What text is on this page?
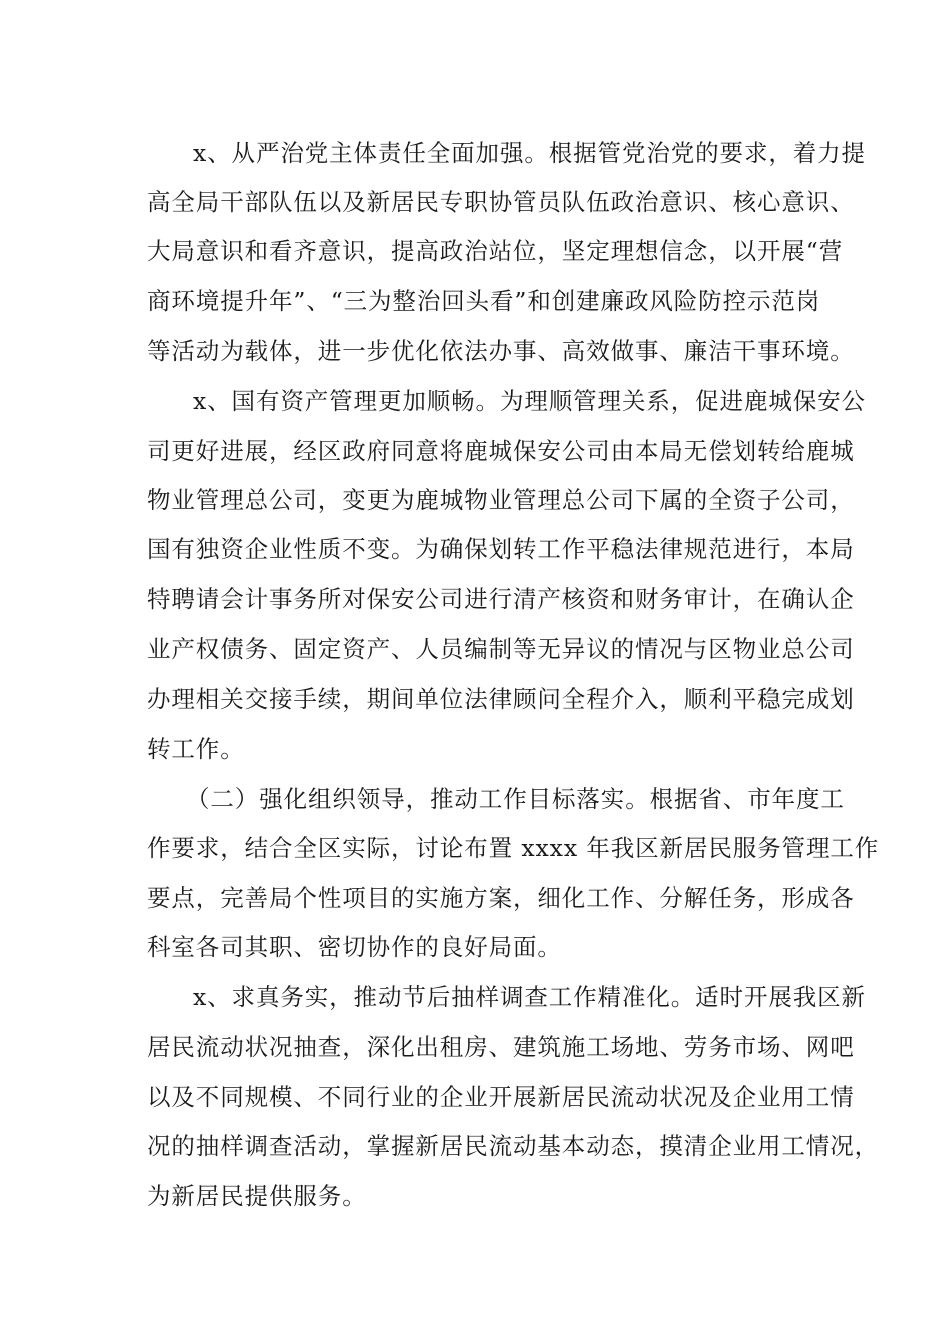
x、从严治党主体责任全面加强。根据管党治党的要求，着力提
高全局干部队伍以及新居民专职协管员队伍政治意识、核心意识、
大局意识和看齐意识，提高政治站位，坚定理想信念，以开展“营
商环境提升年”、“三为整治回头看”和创建廉政风险防控示范岗
等活动为载体，进一步优化依法办事、高效做事、廉洁干事环境。
x、国有资产管理更加顺畅。为理顺管理关系，促进鹿城保安公
司更好进展，经区政府同意将鹿城保安公司由本局无偿划转给鹿城
物业管理总公司，变更为鹿城物业管理总公司下属的全资子公司，
国有独资企业性质不变。为确保划转工作平稳法律规范进行，本局
特聘请会计事务所对保安公司进行清产核资和财务审计，在确认企
业产权债务、固定资产、人员编制等无异议的情况与区物业总公司
办理相关交接手续，期间单位法律顾问全程介入，顺利平稳完成划
转工作。
（二）强化组织领导，推动工作目标落实。根据省、市年度工
作要求，结合全区实际，讨论布置 xxxx 年我区新居民服务管理工作
要点，完善局个性项目的实施方案，细化工作、分解任务，形成各
科室各司其职、密切协作的良好局面。
x、求真务实，推动节后抽样调查工作精准化。适时开展我区新
居民流动状况抽查，深化出租房、建筑施工场地、劳务市场、网吧
以及不同规模、不同行业的企业开展新居民流动状况及企业用工情
况的抽样调查活动，掌握新居民流动基本动态，摸清企业用工情况，
为新居民提供服务。
